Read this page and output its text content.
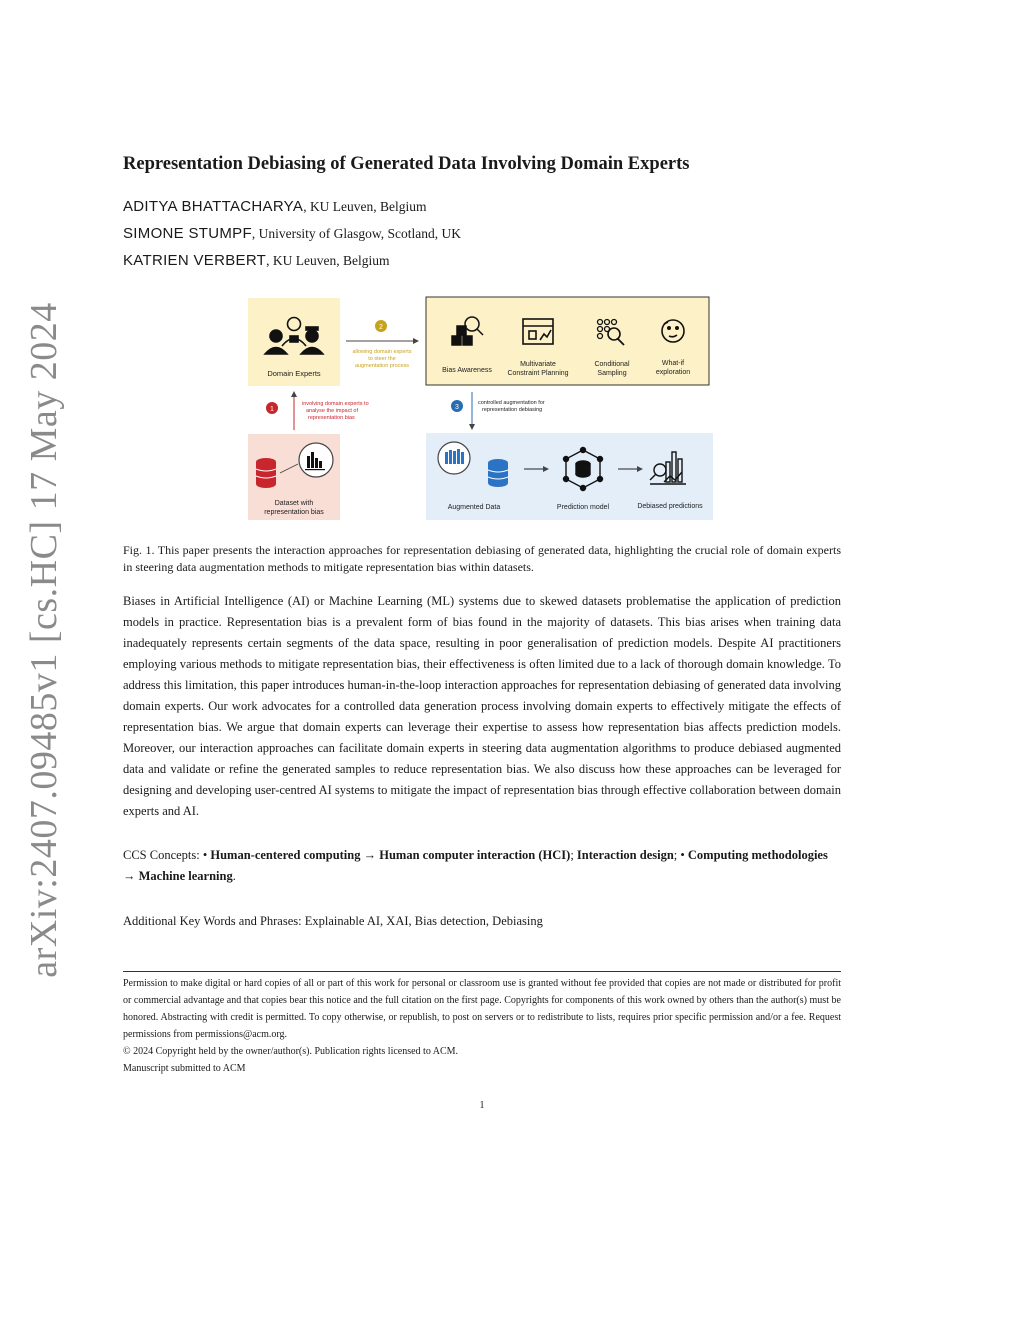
arXiv:2407.09485v1 [cs.HC] 17 May 2024
Representation Debiasing of Generated Data Involving Domain Experts
ADITYA BHATTACHARYA, KU Leuven, Belgium
SIMONE STUMPF, University of Glasgow, Scotland, UK
KATRIEN VERBERT, KU Leuven, Belgium
Domain Experts
2
allowing domain experts
to steer the
augmentation process
Bias Awareness
Multivariate
Constraint Planning
Conditional
Sampling
What-if
exploration
1
involving domain experts to
analyse the impact of
representation bias
3
controlled augmentation for
representation debiasing
Dataset with
representation bias
Augmented Data	Prediction model	Debiased predictions

Fig. 1. This paper presents the interaction approaches for representation debiasing of generated data, highlighting the crucial role of domain experts in steering data augmentation methods to mitigate representation bias within datasets.

Biases in Artificial Intelligence (AI) or Machine Learning (ML) systems due to skewed datasets problematise the application of prediction models in practice. Representation bias is a prevalent form of bias found in the majority of datasets. This bias arises when training data inadequately represents certain segments of the data space, resulting in poor generalisation of prediction models. Despite AI practitioners employing various methods to mitigate representation bias, their effectiveness is often limited due to a lack of thorough domain knowledge. To address this limitation, this paper introduces human-in-the-loop interaction approaches for representation debiasing of generated data involving domain experts. Our work advocates for a controlled data generation process involving domain experts to effectively mitigate the effects of representation bias. We argue that domain experts can leverage their expertise to assess how representation bias affects prediction models. Moreover, our interaction approaches can facilitate domain experts in steering data augmentation algorithms to produce debiased augmented data and validate or refine the generated samples to reduce representation bias. We also discuss how these approaches can be leveraged for designing and developing user-centred AI systems to mitigate the impact of representation bias through effective collaboration between domain experts and AI.

CCS Concepts: • Human-centered computing → Human computer interaction (HCI); Interaction design; • Computing methodologies → Machine learning.

Additional Key Words and Phrases: Explainable AI, XAI, Bias detection, Debiasing

Permission to make digital or hard copies of all or part of this work for personal or classroom use is granted without fee provided that copies are not made or distributed for profit or commercial advantage and that copies bear this notice and the full citation on the first page. Copyrights for components of this work owned by others than the author(s) must be honored. Abstracting with credit is permitted. To copy otherwise, or republish, to post on servers or to redistribute to lists, requires prior specific permission and/or a fee. Request permissions from permissions@acm.org.

© 2024 Copyright held by the owner/author(s). Publication rights licensed to ACM.
Manuscript submitted to ACM
1
